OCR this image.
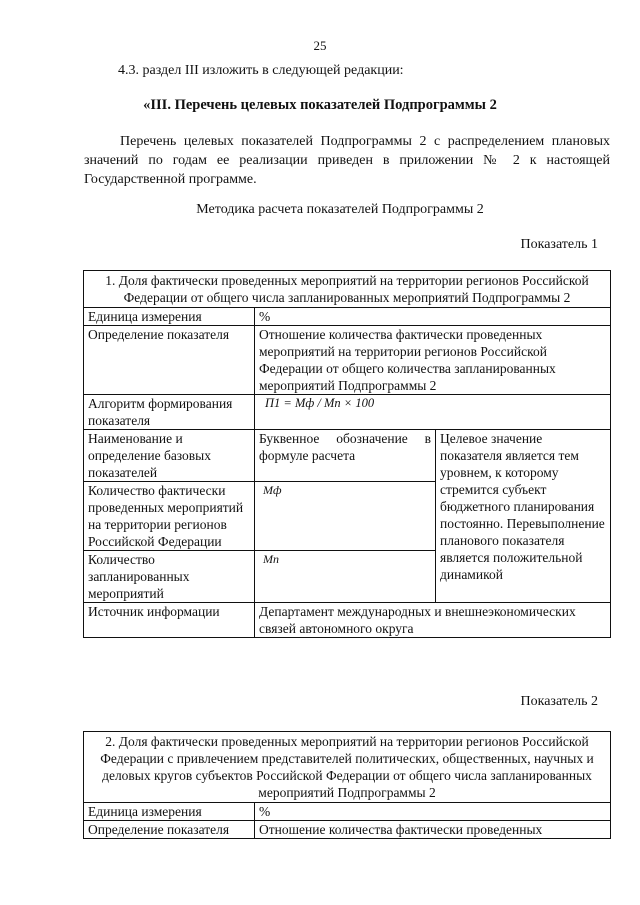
25
4.3. раздел III изложить в следующей редакции:
«III. Перечень целевых показателей Подпрограммы 2
Перечень целевых показателей Подпрограммы 2 с распределением плановых значений по годам ее реализации приведен в приложении № 2 к настоящей Государственной программе.
Методика расчета показателей Подпрограммы 2
Показатель 1
1. Доля фактически проведенных мероприятий на территории регионов Российской Федерации от общего числа запланированных мероприятий Подпрограммы 2		
Единица измерения	%	
Определение показателя	Отношение количества фактически проведенных мероприятий на территории регионов Российской Федерации от общего количества запланированных мероприятий Подпрограммы 2	
Алгоритм формирования показателя	П1 = Мф / Мп × 100	
Наименование и определение базовых показателей	Буквенное обозначение в формуле расчета	Целевое значение показателя является тем уровнем, к которому стремится субъект бюджетного планирования постоянно. Перевыполнение планового показателя является положительной динамикой
Количество фактически проведенных мероприятий на территории регионов Российской Федерации	Мф	
Количество запланированных мероприятий	Мп	
Источник информации	Департамент международных и внешнеэкономических связей автономного округа	
Показатель 2
2. Доля фактически проведенных мероприятий на территории регионов Российской Федерации с привлечением представителей политических, общественных, научных и деловых кругов субъектов Российской Федерации от общего числа запланированных мероприятий Подпрограммы 2	
Единица измерения	%
Определение показателя	Отношение количества фактически проведенных
